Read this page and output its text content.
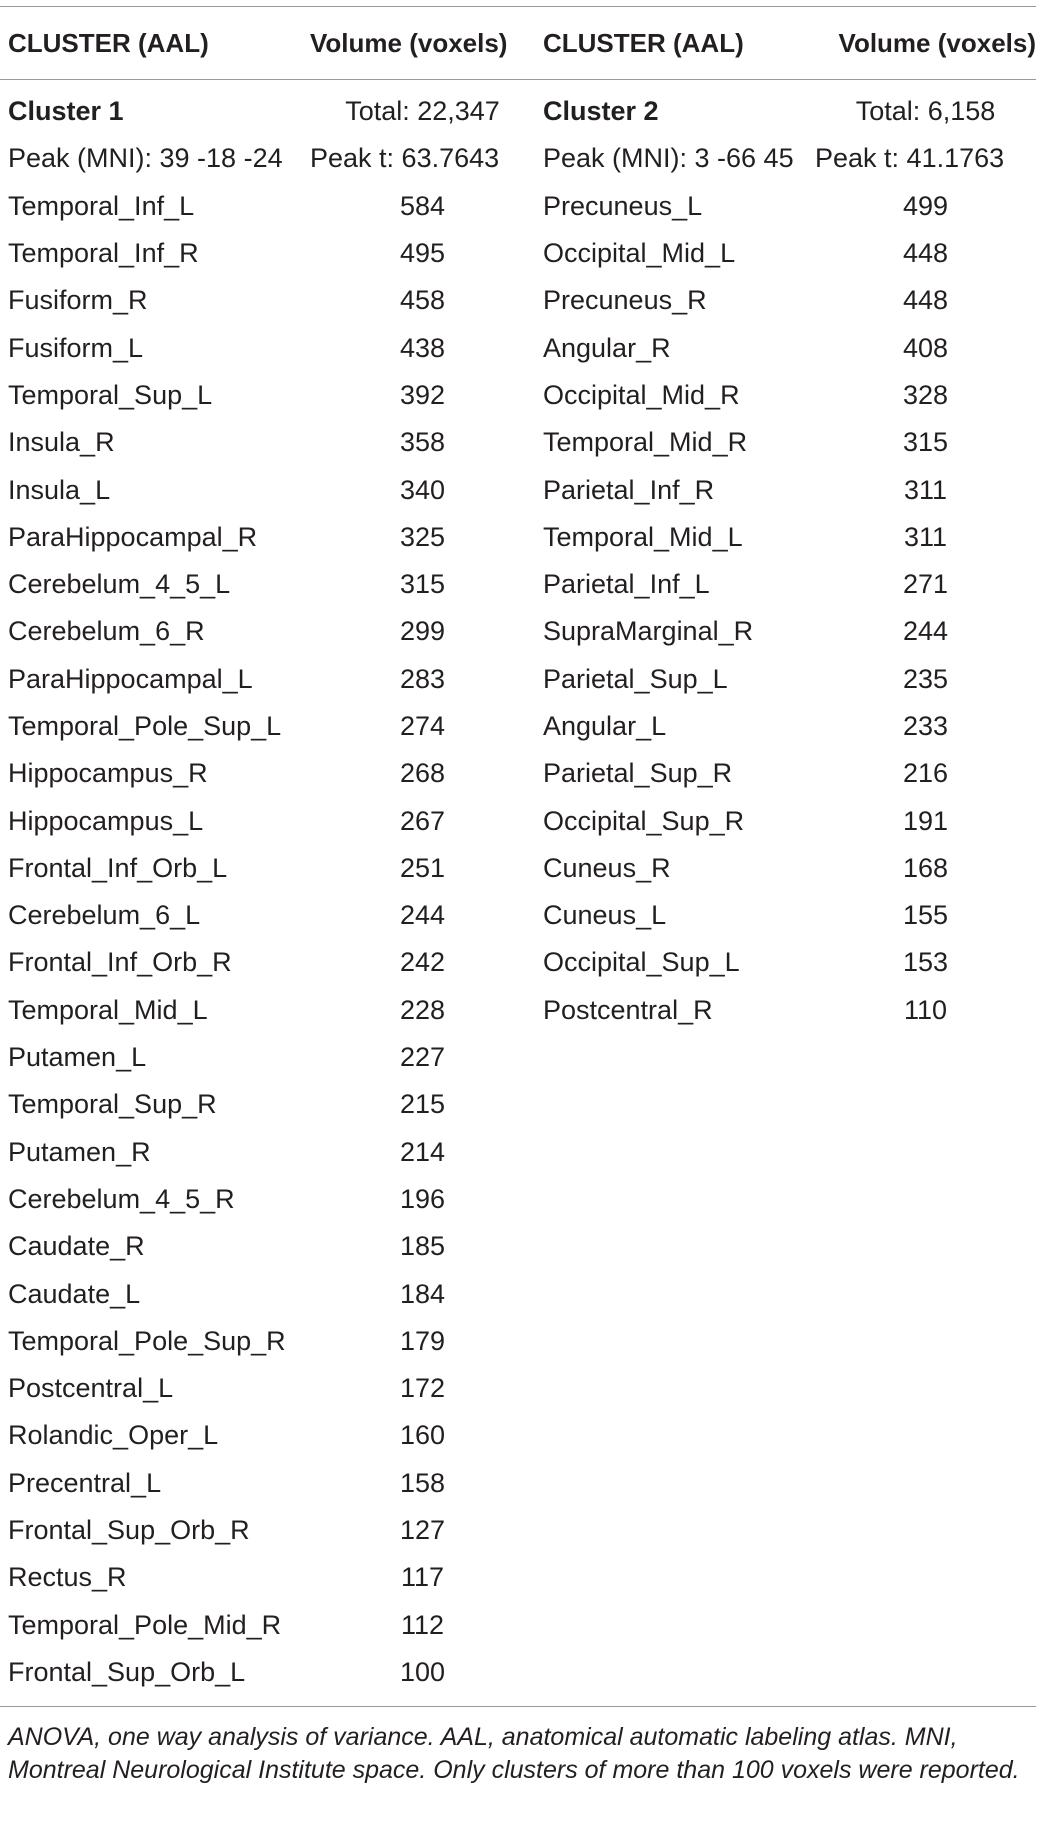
CLUSTER (AAL)	Volume (voxels)	CLUSTER (AAL)	Volume (voxels)
Cluster 1	Total: 22,347	Cluster 2	Total: 6,158
Peak (MNI): 39 -18 -24	Peak t: 63.7643	Peak (MNI): 3 -66 45 Peak t: 41.1763
Temporal_Inf_L	584	Precuneus_L	499
Temporal_Inf_R	495	Occipital_Mid_L	448
Fusiform_R	458	Precuneus_R	448
Fusiform_L	438	Angular_R	408
Temporal_Sup_L	392	Occipital_Mid_R	328
Insula_R	358	Temporal_Mid_R	315
Insula_L	340	Parietal_Inf_R	311
ParaHippocampal_R	325	Temporal_Mid_L	311
Cerebelum_4_5_L	315	Parietal_Inf_L	271
Cerebelum_6_R	299	SupraMarginal_R	244
ParaHippocampal_L	283	Parietal_Sup_L	235
Temporal_Pole_Sup_L	274	Angular_L	233
Hippocampus_R	268	Parietal_Sup_R	216
Hippocampus_L	267	Occipital_Sup_R	191
Frontal_Inf_Orb_L	251	Cuneus_R	168
Cerebelum_6_L	244	Cuneus_L	155
Frontal_Inf_Orb_R	242	Occipital_Sup_L	153
Temporal_Mid_L	228	Postcentral_R	110
Putamen_L	227
Temporal_Sup_R	215
Putamen_R	214
Cerebelum_4_5_R	196
Caudate_R	185
Caudate_L	184
Temporal_Pole_Sup_R	179
Postcentral_L	172
Rolandic_Oper_L	160
Precentral_L	158
Frontal_Sup_Orb_R	127
Rectus_R	117
Temporal_Pole_Mid_R	112
Frontal_Sup_Orb_L	100
ANOVA, one way analysis of variance. AAL, anatomical automatic labeling atlas. MNI, Montreal Neurological Institute space. Only clusters of more than 100 voxels were reported.
